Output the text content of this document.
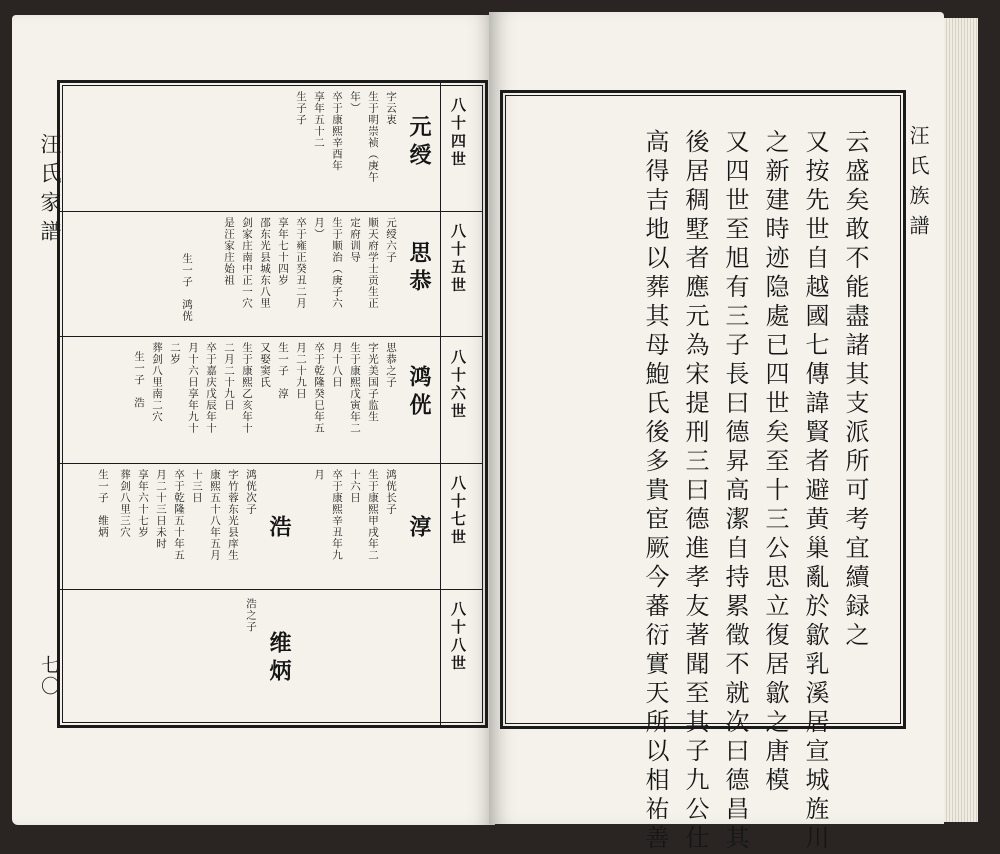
汪氏家譜
七〇
八十四世
八十五世
八十六世
八十七世
八十八世
元绶
字云衷
生于明崇祯（庚午
年）
卒于康熙辛酉年
享年五十二
生子子
思恭
元绶六子
顺天府学士贡生正
定府训导
生于顺治（庚子六
月）
卒于雍正癸丑二月
享年七十四岁
邵东光县城东八里
剑家庄南中正一穴
是汪家庄始祖
生一子　鸿侊
鸿侊
思恭之子
字光美国子监生
生于康熙戊寅年二
月十八日
卒于乾隆癸巳年五
月二十九日
生一子　淳
又娶窦氏
生于康熙乙亥年十
二月二十九日
卒于嘉庆戊辰年十
月十六日享年九十
二岁
葬剑八里南二穴
生一子　浩
淳
鸿侊长子
生于康熙甲戌年二
十六日
卒于康熙辛丑年九
月
浩
鸿侊次子
字竹蓉东光县庠生
康熙五十八年五月
十三日
卒于乾隆五十年五
月二十三日未时
享年六十七岁
葬剑八里三穴
生一子　维炳
维炳
浩之子
汪氏族譜
云盛矣敢不能盡諸其支派所可考宜續録之
又按先世自越國七傳諱賢者避黄巢亂於歙乳溪居宣城旌川
之新建時迹隐處已四世矣至十三公思立復居歙之唐模
又四世至旭有三子長曰德昇高潔自持累徵不就次曰德昌其
後居稠墅者應元為宋提刑三曰德進孝友著聞至其子九公仕
高得吉地以葬其母鮑氏後多貴宦厥今蕃衍實天所以相祐善
